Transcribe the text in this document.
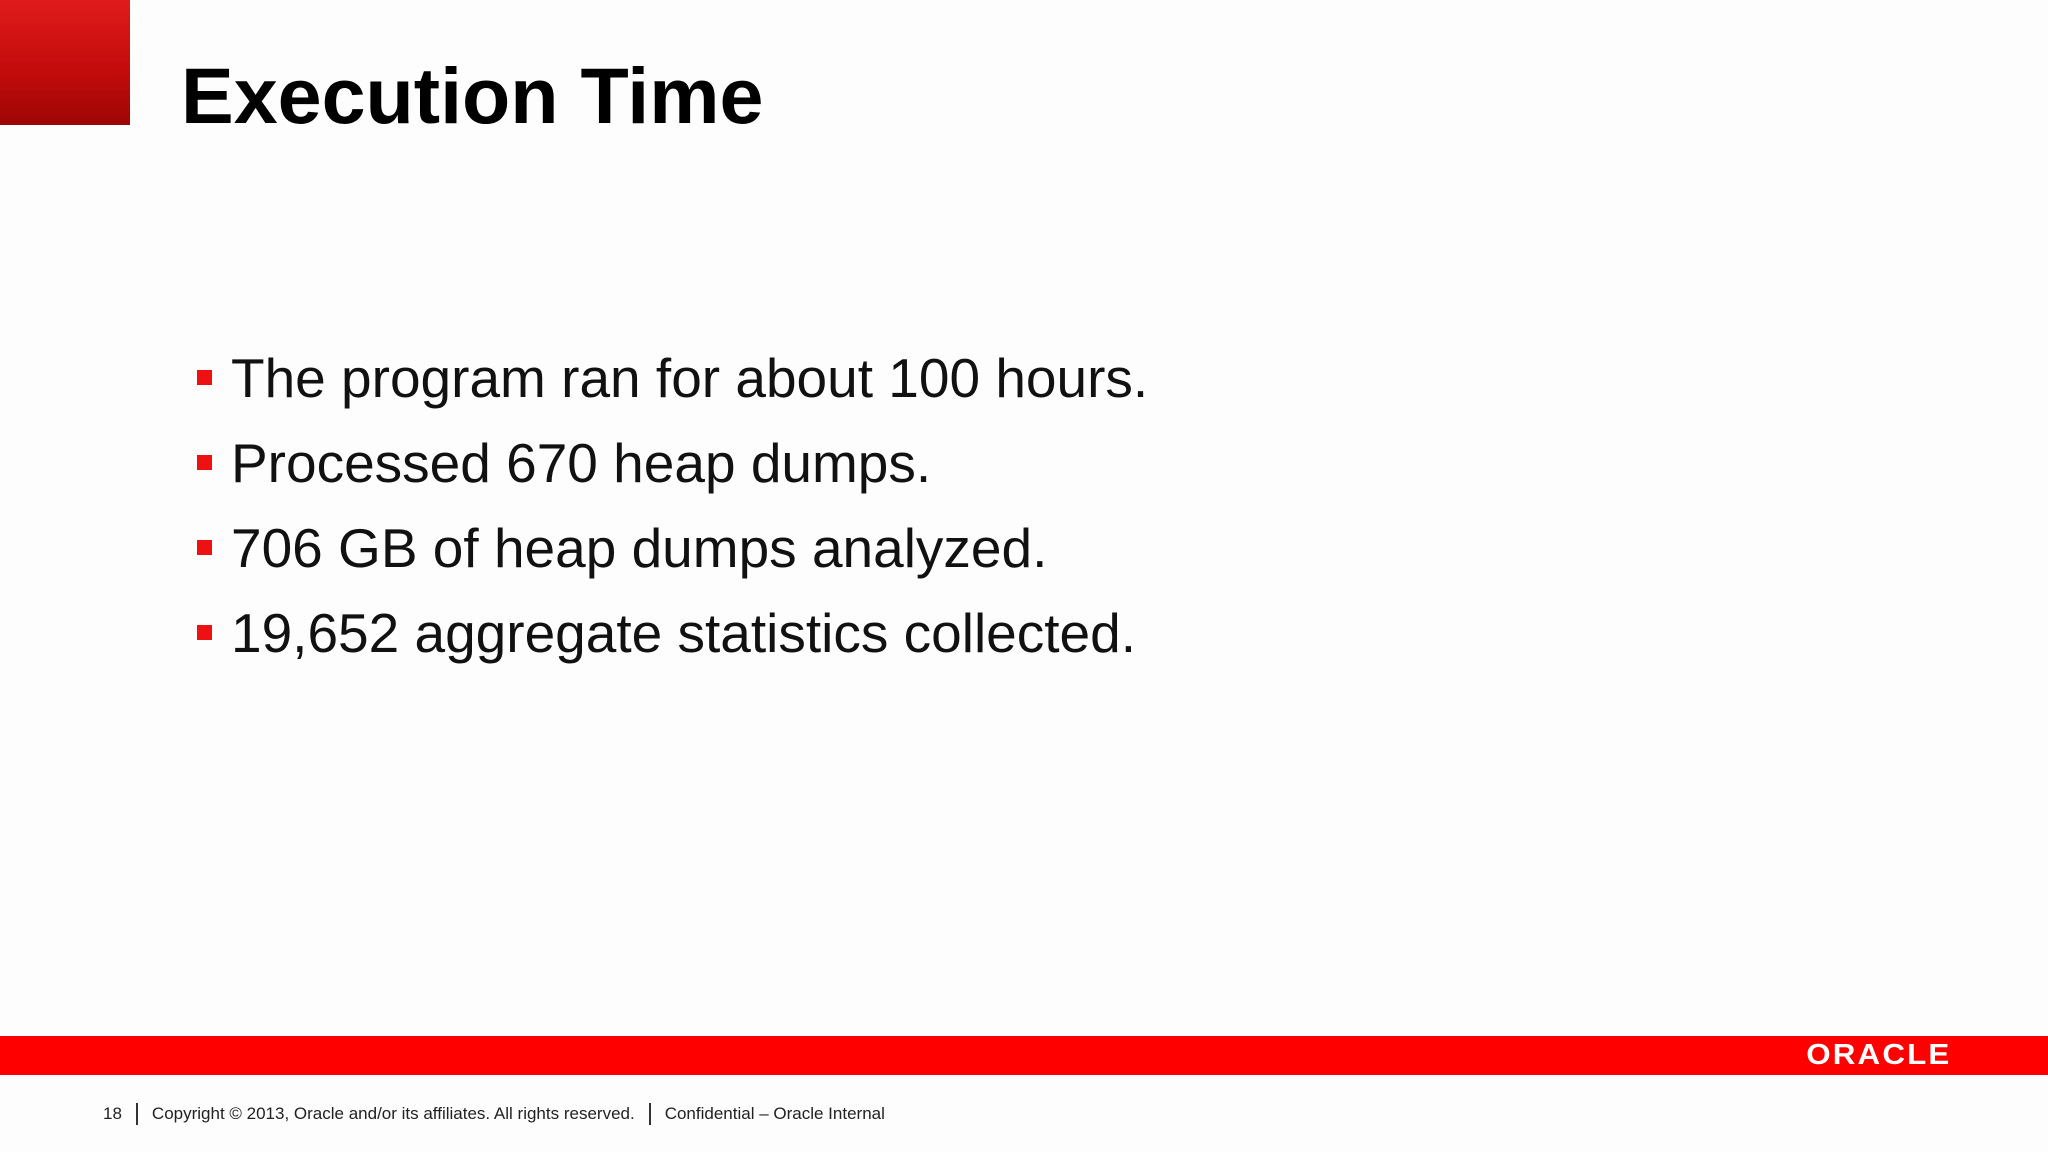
Execution Time
The program ran for about 100 hours.
Processed 670 heap dumps.
706 GB of heap dumps analyzed.
19,652 aggregate statistics collected.
ORACLE
18 Copyright © 2013, Oracle and/or its affiliates. All rights reserved. Confidential – Oracle Internal
